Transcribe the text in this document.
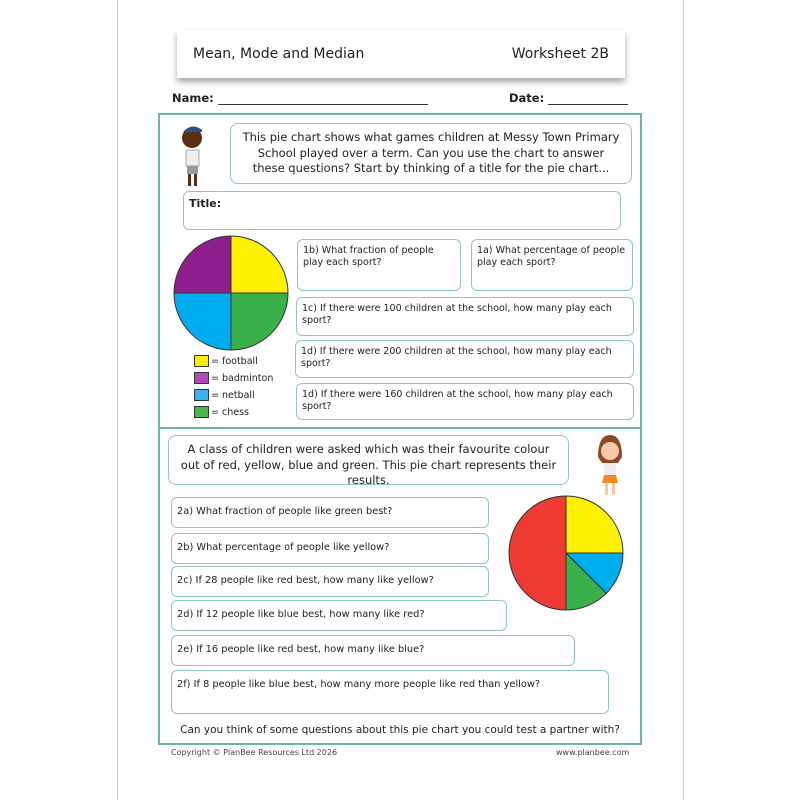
Mean, Mode and Median	Worksheet 2B
Name:	Date:
This pie chart shows what games children at Messy Town Primary School played over a term. Can you use the chart to answer these questions? Start by thinking of a title for the pie chart...
Title:
1b) What fraction of people play each sport?
1a) What percentage of people play each sport?
1c) If there were 100 children at the school, how many play each sport?
1d) If there were 200 children at the school, how many play each sport?
1d) If there were 160 children at the school, how many play each sport?
= football
= badminton
= netball
= chess
A class of children were asked which was their favourite colour out of red, yellow, blue and green. This pie chart represents their results.
2a) What fraction of people like green best?
2b) What percentage of people like yellow?
2c) If 28 people like red best, how many like yellow?
2d) If 12 people like blue best, how many like red?
2e) If 16 people like red best, how many like blue?
2f) If 8 people like blue best, how many more people like red than yellow?
Can you think of some questions about this pie chart you could test a partner with?
Copyright © PlanBee Resources Ltd 2026	www.planbee.com
